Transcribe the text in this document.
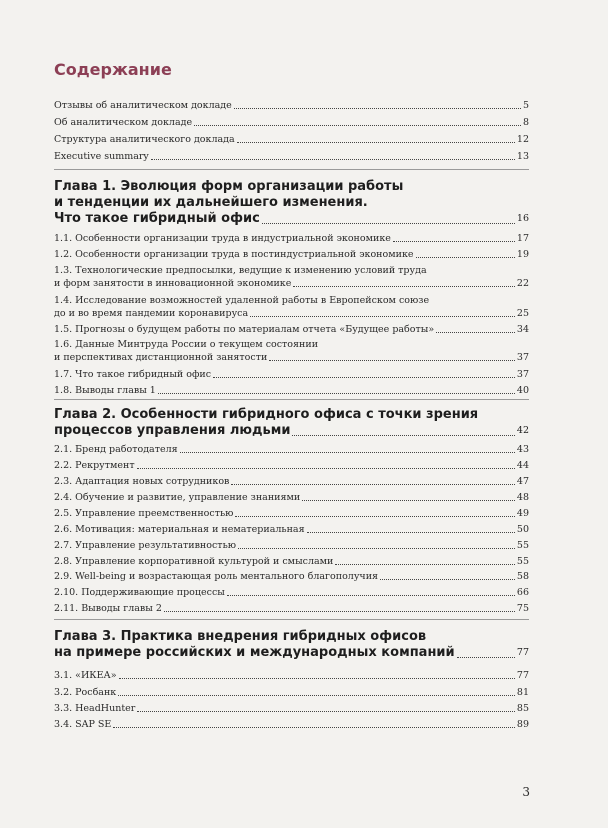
Содержание
Отзывы об аналитическом докладе	5
Об аналитическом докладе	8
Структура аналитического доклада	12
Executive summary	13
Глава 1. Эволюция форм организации работы
и тенденции их дальнейшего изменения.
Что такое гибридный офис	16
1.1. Особенности организации труда в индустриальной экономике	17
1.2. Особенности организации труда в постиндустриальной экономике	19
1.3. Технологические предпосылки, ведущие к изменению условий труда
и форм занятости в инновационной экономике	22
1.4. Исследование возможностей удаленной работы в Европейском союзе
до и во время пандемии коронавируса	25
1.5. Прогнозы о будущем работы по материалам отчета «Будущее работы»	34
1.6. Данные Минтруда России о текущем состоянии
и перспективах дистанционной занятости	37
1.7. Что такое гибридный офис	37
1.8. Выводы главы 1	40
Глава 2. Особенности гибридного офиса с точки зрения
процессов управления людьми	42
2.1. Бренд работодателя	43
2.2. Рекрутмент	44
2.3. Адаптация новых сотрудников	47
2.4. Обучение и развитие, управление знаниями	48
2.5. Управление преемственностью	49
2.6. Мотивация: материальная и нематериальная	50
2.7. Управление результативностью	55
2.8. Управление корпоративной культурой и смыслами	55
2.9. Well-being и возрастающая роль ментального благополучия	58
2.10. Поддерживающие процессы	66
2.11. Выводы главы 2	75
Глава 3. Практика внедрения гибридных офисов
на примере российских и международных компаний	77
3.1. «ИКЕА»	77
3.2. Росбанк	81
3.3. HeadHunter	85
3.4. SAP SE	89
3
